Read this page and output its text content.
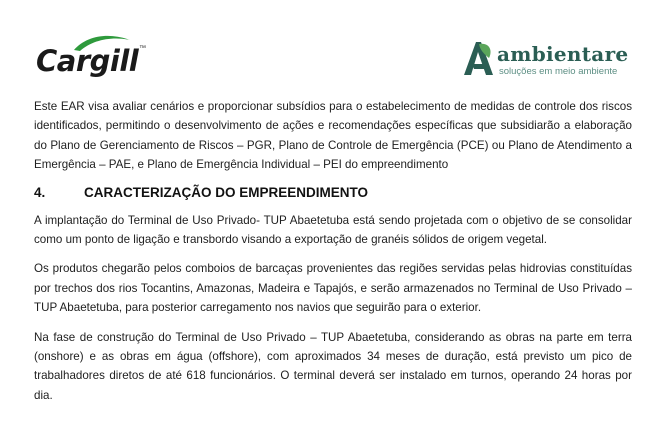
Cargill ™	ambientare
soluções em meio ambiente

Este EAR visa avaliar cenários e proporcionar subsídios para o estabelecimento de medidas de controle dos riscos identificados, permitindo o desenvolvimento de ações e recomendações específicas que subsidiarão a elaboração do Plano de Gerenciamento de Riscos – PGR, Plano de Controle de Emergência (PCE) ou Plano de Atendimento a Emergência – PAE, e Plano de Emergência Individual – PEI do empreendimento

4.	CARACTERIZAÇÃO DO EMPREENDIMENTO

A implantação do Terminal de Uso Privado- TUP Abaetetuba está sendo projetada com o objetivo de se consolidar como um ponto de ligação e transbordo visando a exportação de granéis sólidos de origem vegetal.

Os produtos chegarão pelos comboios de barcaças provenientes das regiões servidas pelas hidrovias constituídas por trechos dos rios Tocantins, Amazonas, Madeira e Tapajós, e serão armazenados no Terminal de Uso Privado – TUP Abaetetuba, para posterior carregamento nos navios que seguirão para o exterior.

Na fase de construção do Terminal de Uso Privado – TUP Abaetetuba, considerando as obras na parte em terra (onshore) e as obras em água (offshore), com aproximados 34 meses de duração, está previsto um pico de trabalhadores diretos de até 618 funcionários. O terminal deverá ser instalado em turnos, operando 24 horas por dia.
